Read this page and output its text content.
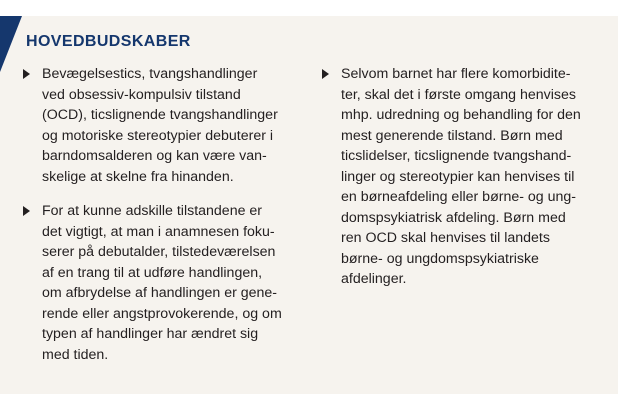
HOVEDBUDSKABER
Bevægelsestics, tvangshandlinger
ved obsessiv-kompulsiv tilstand
(OCD), ticslignende tvangshandlinger
og motoriske stereotypier debuterer i
barndomsalderen og kan være van-
skelige at skelne fra hinanden.
For at kunne adskille tilstandene er
det vigtigt, at man i anamnesen foku-
serer på debutalder, tilstedeværelsen
af en trang til at udføre handlingen,
om afbrydelse af handlingen er gene-
rende eller angstprovokerende, og om
typen af handlinger har ændret sig
med tiden.
Selvom barnet har flere komorbidite-
ter, skal det i første omgang henvises
mhp. udredning og behandling for den
mest generende tilstand. Børn med
ticslidelser, ticslignende tvangshand-
linger og stereotypier kan henvises til
en børneafdeling eller børne- og ung-
domspsykiatrisk afdeling. Børn med
ren OCD skal henvises til landets
børne- og ungdomspsykiatriske
afdelinger.
